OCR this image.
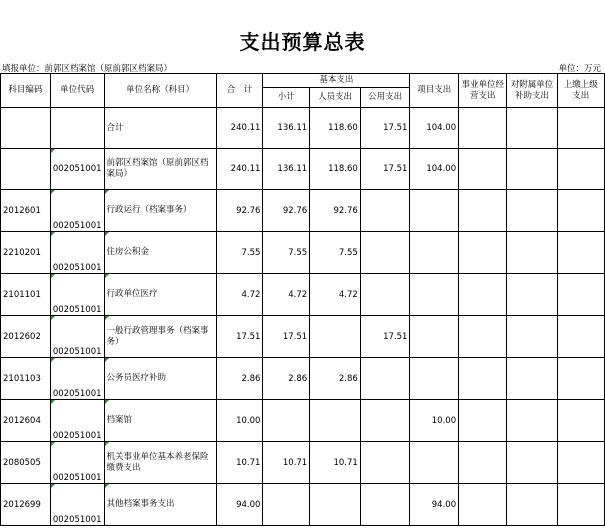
支出预算总表
填报单位：前郭区档案馆（原前郭区档案局）	单位：万元
科目编码	单位代码	单位名称（科目）	合　计	基本支出			项目支出	事业单位经营支出	对附属单位补助支出	上缴上级支出
				小计	人员支出	公用支出				
		合计	240.11	136.11	118.60	17.51	104.00			
	002051001	前郭区档案馆（原前郭区档案局）	240.11	136.11	118.60	17.51	104.00			
2012601	002051001	行政运行（档案事务）	92.76	92.76	92.76					
2210201	002051001	住房公积金	7.55	7.55	7.55					
2101101	002051001	行政单位医疗	4.72	4.72	4.72					
2012602	002051001	一般行政管理事务（档案事务）	17.51	17.51		17.51				
2101103	002051001	公务员医疗补助	2.86	2.86	2.86					
2012604	002051001	档案馆	10.00				10.00			
2080505	002051001	机关事业单位基本养老保险缴费支出	10.71	10.71	10.71					
2012699	002051001	其他档案事务支出	94.00				94.00			
